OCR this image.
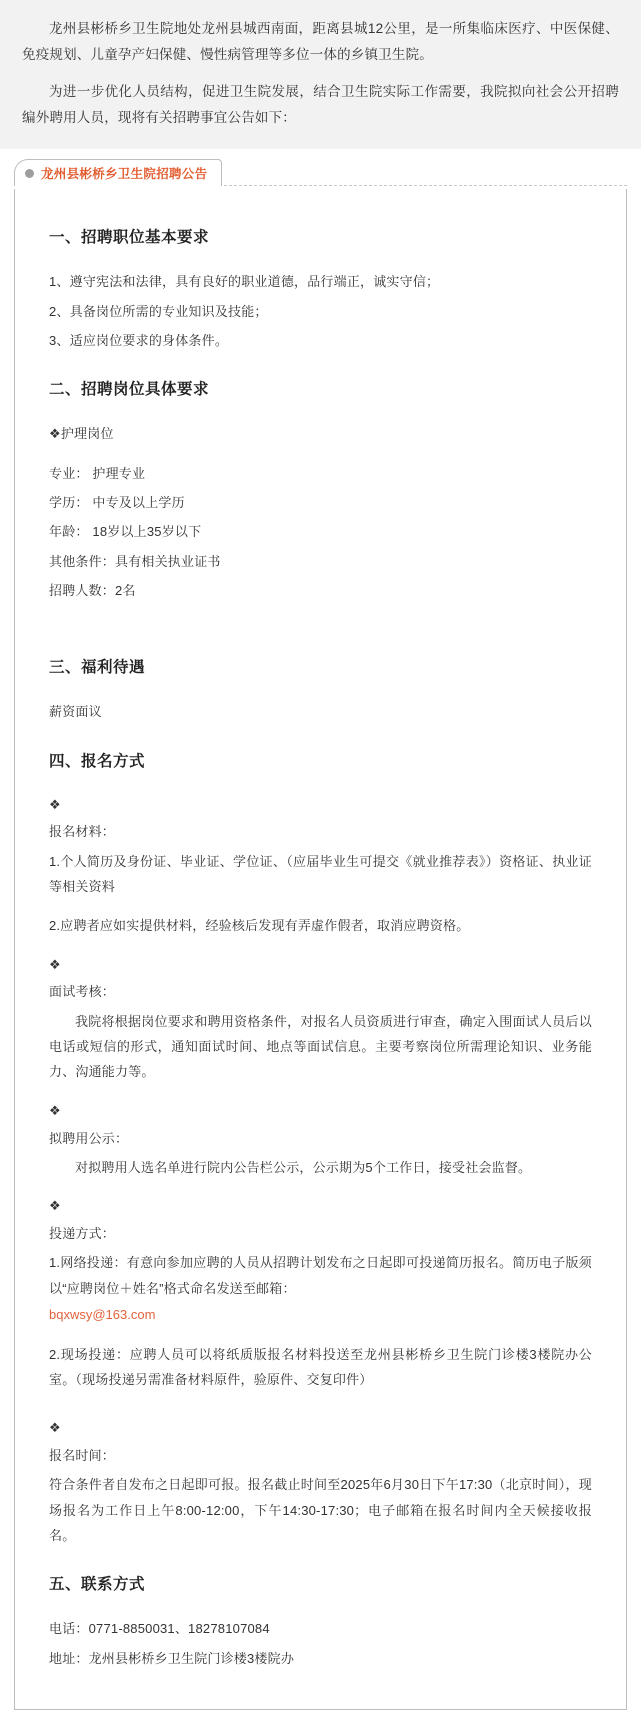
龙州县彬桥乡卫生院地处龙州县城西南面，距离县城12公里，是一所集临床医疗、中医保健、免疫规划、儿童孕产妇保健、慢性病管理等多位一体的乡镇卫生院。

为进一步优化人员结构，促进卫生院发展，结合卫生院实际工作需要，我院拟向社会公开招聘编外聘用人员，现将有关招聘事宜公告如下：

龙州县彬桥乡卫生院招聘公告
一、招聘职位基本要求

1、遵守宪法和法律，具有良好的职业道德，品行端正，诚实守信；

2、具备岗位所需的专业知识及技能；

3、适应岗位要求的身体条件。

二、招聘岗位具体要求

❖护理岗位

专业： 护理专业

学历： 中专及以上学历

年龄： 18岁以上35岁以下

其他条件：具有相关执业证书

招聘人数：2名

三、福利待遇

薪资面议

四、报名方式

❖

报名材料：

1.个人简历及身份证、毕业证、学位证、（应届毕业生可提交《就业推荐表》）资格证、执业证等相关资料

2.应聘者应如实提供材料，经验核后发现有弄虚作假者，取消应聘资格。

❖

面试考核：

我院将根据岗位要求和聘用资格条件，对报名人员资质进行审查，确定入围面试人员后以电话或短信的形式，通知面试时间、地点等面试信息。主要考察岗位所需理论知识、业务能力、沟通能力等。

❖

拟聘用公示：

对拟聘用人选名单进行院内公告栏公示，公示期为5个工作日，接受社会监督。

❖

投递方式：

1.网络投递：有意向参加应聘的人员从招聘计划发布之日起即可投递简历报名。简历电子版须以“应聘岗位＋姓名”格式命名发送至邮箱：

bqxwsy@163.com

2.现场投递：应聘人员可以将纸质版报名材料投送至龙州县彬桥乡卫生院门诊楼3楼院办公室。（现场投递另需准备材料原件，验原件、交复印件）

❖

报名时间：

符合条件者自发布之日起即可报。报名截止时间至2025年6月30日下午17:30（北京时间），现场报名为工作日上午8:00-12:00，下午14:30-17:30；电子邮箱在报名时间内全天候接收报名。

五、联系方式

电话：0771-8850031、18278107084

地址：龙州县彬桥乡卫生院门诊楼3楼院办
